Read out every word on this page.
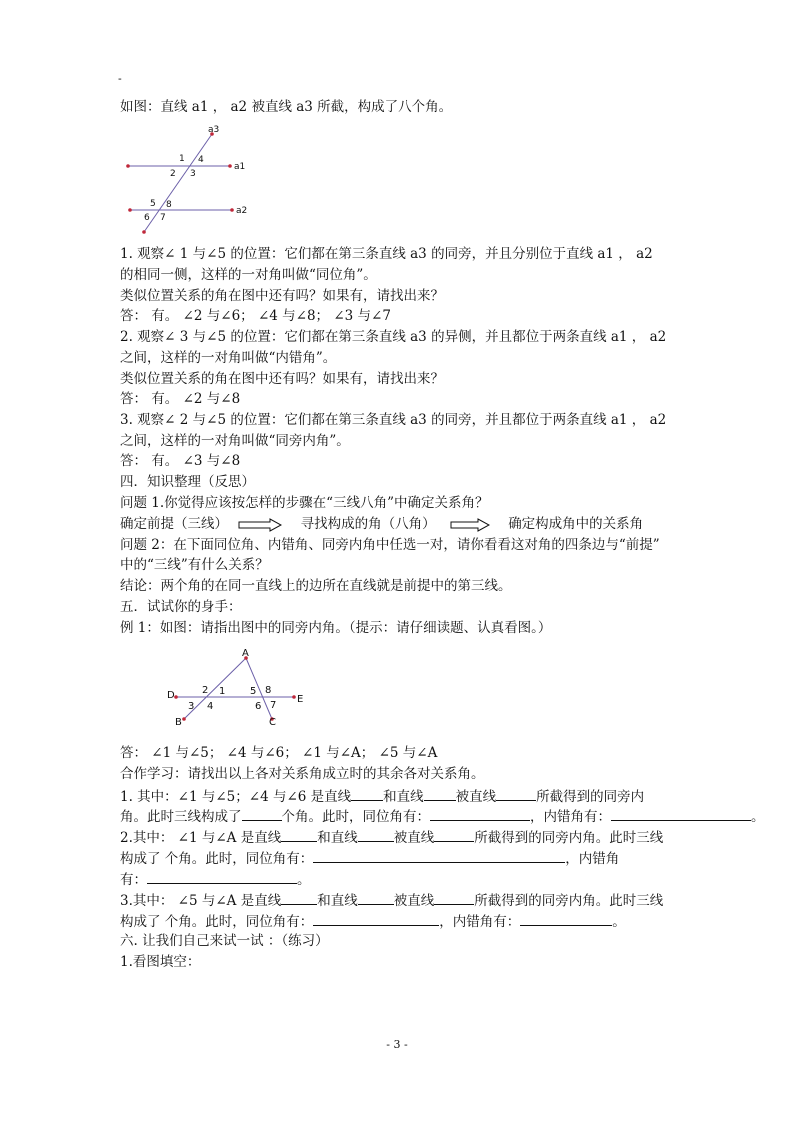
-
如图：直线 a1 ， a2 被直线 a3 所截，构成了八个角。
a3
a1
a2
1 4
2 3
5 8
6 7
1. 观察∠ 1 与∠5 的位置：它们都在第三条直线 a3 的同旁，并且分别位于直线 a1 ， a2
的相同一侧，这样的一对角叫做“同位角”。
类似位置关系的角在图中还有吗？如果有，请找出来？
答： 有。 ∠2 与∠6； ∠4 与∠8； ∠3 与∠7
2. 观察∠ 3 与∠5 的位置：它们都在第三条直线 a3 的异侧，并且都位于两条直线 a1 ， a2
之间，这样的一对角叫做“内错角”。
类似位置关系的角在图中还有吗？如果有，请找出来？
答： 有。 ∠2 与∠8
3. 观察∠ 2 与∠5 的位置：它们都在第三条直线 a3 的同旁，并且都位于两条直线 a1 ， a2
之间，这样的一对角叫做“同旁内角”。
答： 有。 ∠3 与∠8
四．知识整理（反思）
问题 1.你觉得应该按怎样的步骤在“三线八角”中确定关系角？
确定前提（三线）	寻找构成的角（八角）	确定构成角中的关系角
问题 2：在下面同位角、内错角、同旁内角中任选一对，请你看看这对角的四条边与“前提”
中的“三线”有什么关系？
结论：两个角的在同一直线上的边所在直线就是前提中的第三线。
五．试试你的身手：
例 1：如图：请指出图中的同旁内角。（提示：请仔细读题、认真看图。）
A
D	E
B	C
2 1 5 8
3 4	6 7
答： ∠1 与∠5； ∠4 与∠6； ∠1 与∠A； ∠5 与∠A
合作学习：请找出以上各对关系角成立时的其余各对关系角。
1. 其中：∠1 与∠5；∠4 与∠6 是直线 和直线 被直线	所截得到的同旁内
角。此时三线构成了	个角。此时，同位角有：	，内错角有：	。
2.其中： ∠1 与∠A 是直线	和直线	被直线	所截得到的同旁内角。此时三线
构成了 个角。此时，同位角有：	，内错角
有：	。
3.其中： ∠5 与∠A 是直线	和直线	被直线	所截得到的同旁内角。此时三线
构成了 个角。此时，同位角有：	，内错角有：	。
六. 让我们自己来试一试 ：（练习）
1.看图填空：
- 3 -
